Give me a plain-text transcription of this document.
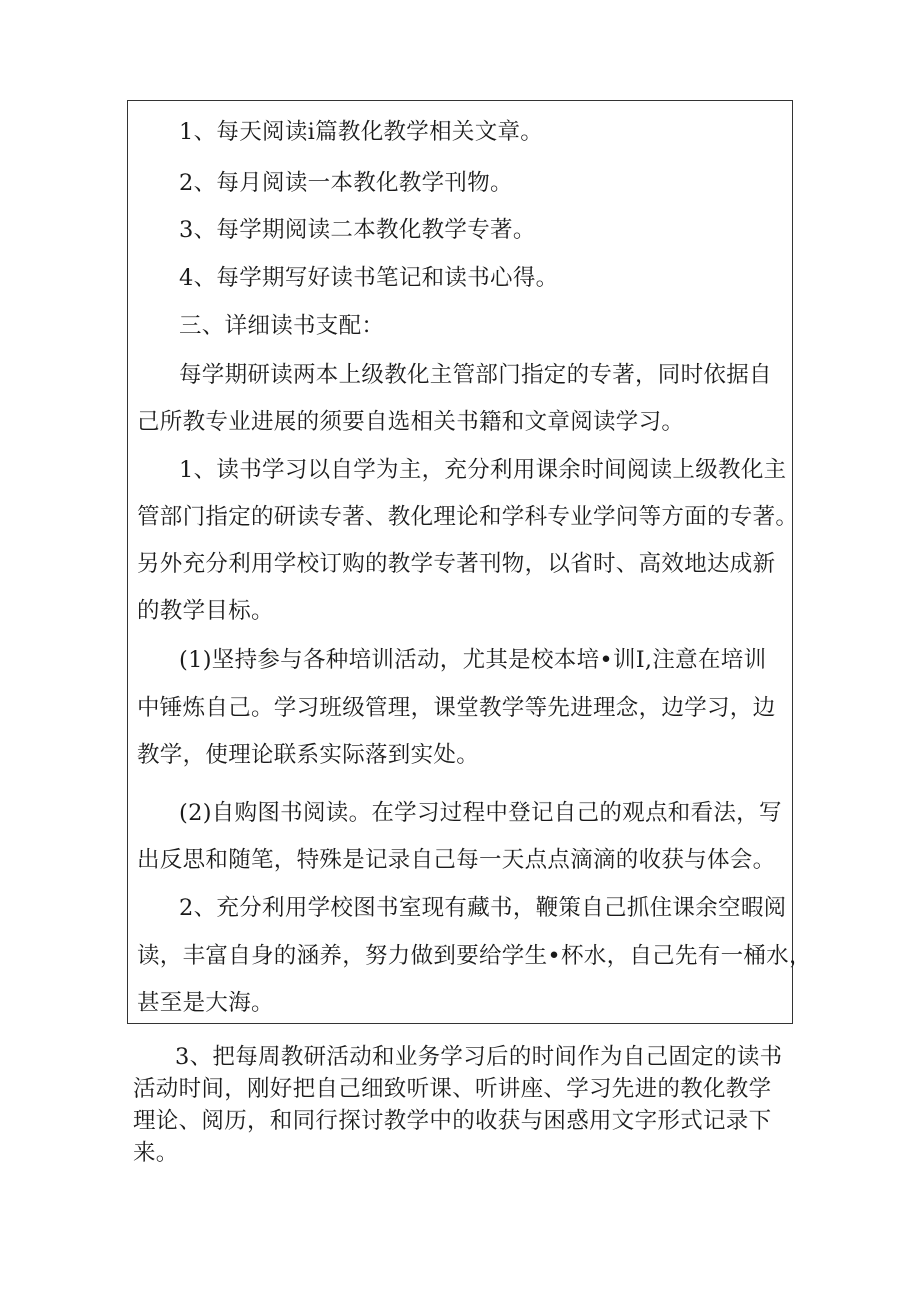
1、每天阅读i篇教化教学相关文章。
2、每月阅读一本教化教学刊物。
3、每学期阅读二本教化教学专著。
4、每学期写好读书笔记和读书心得。
三、详细读书支配：
每学期研读两本上级教化主管部门指定的专著，同时依据自
己所教专业进展的须要自选相关书籍和文章阅读学习。
1、读书学习以自学为主，充分利用课余时间阅读上级教化主
管部门指定的研读专著、教化理论和学科专业学问等方面的专著。
另外充分利用学校订购的教学专著刊物，以省时、高效地达成新
的教学目标。
(1)坚持参与各种培训活动，尤其是校本培•训I,注意在培训
中锤炼自己。学习班级管理，课堂教学等先进理念，边学习，边
教学，使理论联系实际落到实处。
(2)自购图书阅读。在学习过程中登记自己的观点和看法，写
出反思和随笔，特殊是记录自己每一天点点滴滴的收获与体会。
2、充分利用学校图书室现有藏书，鞭策自己抓住课余空暇阅
读，丰富自身的涵养，努力做到要给学生•杯水，自己先有一桶水，
甚至是大海。
3、把每周教研活动和业务学习后的时间作为自己固定的读书
活动时间，刚好把自己细致听课、听讲座、学习先进的教化教学
理论、阅历，和同行探讨教学中的收获与困惑用文字形式记录下
来。
